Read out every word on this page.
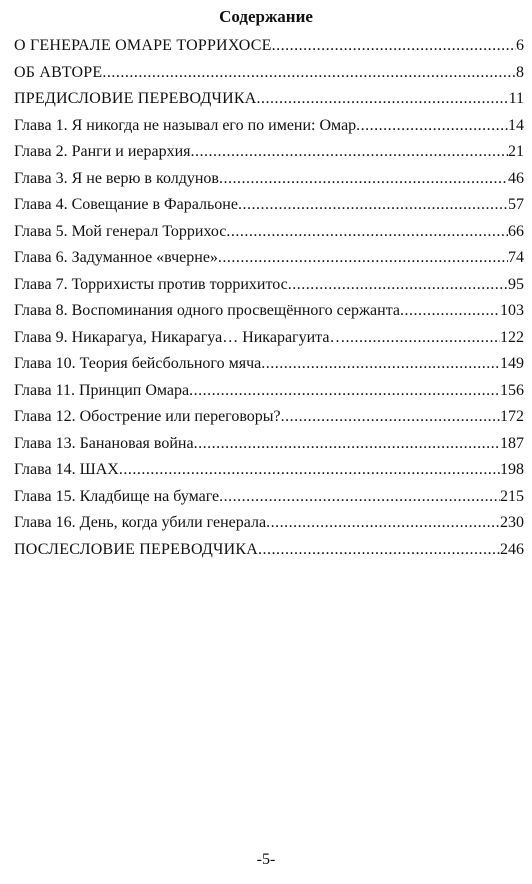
Содержание
О ГЕНЕРАЛЕ ОМАРЕ ТОРРИХОСЕ .....	6
ОБ АВТОРЕ .....	8
ПРЕДИСЛОВИЕ ПЕРЕВОДЧИКА .....	11
Глава 1. Я никогда не называл его по имени: Омар .....	14
Глава 2. Ранги и иерархия .....	21
Глава 3. Я не верю в колдунов .....	46
Глава 4. Совещание в Фаральоне .....	57
Глава 5. Мой генерал Торрихос .....	66
Глава 6. Задуманное «вчерне» .....	74
Глава 7. Торрихисты против торрихитос .....	95
Глава 8. Воспоминания одного просвещённого сержанта .....	103
Глава 9. Никарагуа, Никарагуа… Никарагуита… .....	122
Глава 10. Теория бейсбольного мяча .....	149
Глава 11. Принцип Омара .....	156
Глава 12. Обострение или переговоры? .....	172
Глава 13. Банановая война .....	187
Глава 14. ШАХ .....	198
Глава 15. Кладбище на бумаге .....	215
Глава 16. День, когда убили генерала .....	230
ПОСЛЕСЛОВИЕ ПЕРЕВОДЧИКА .....	246
-5-
